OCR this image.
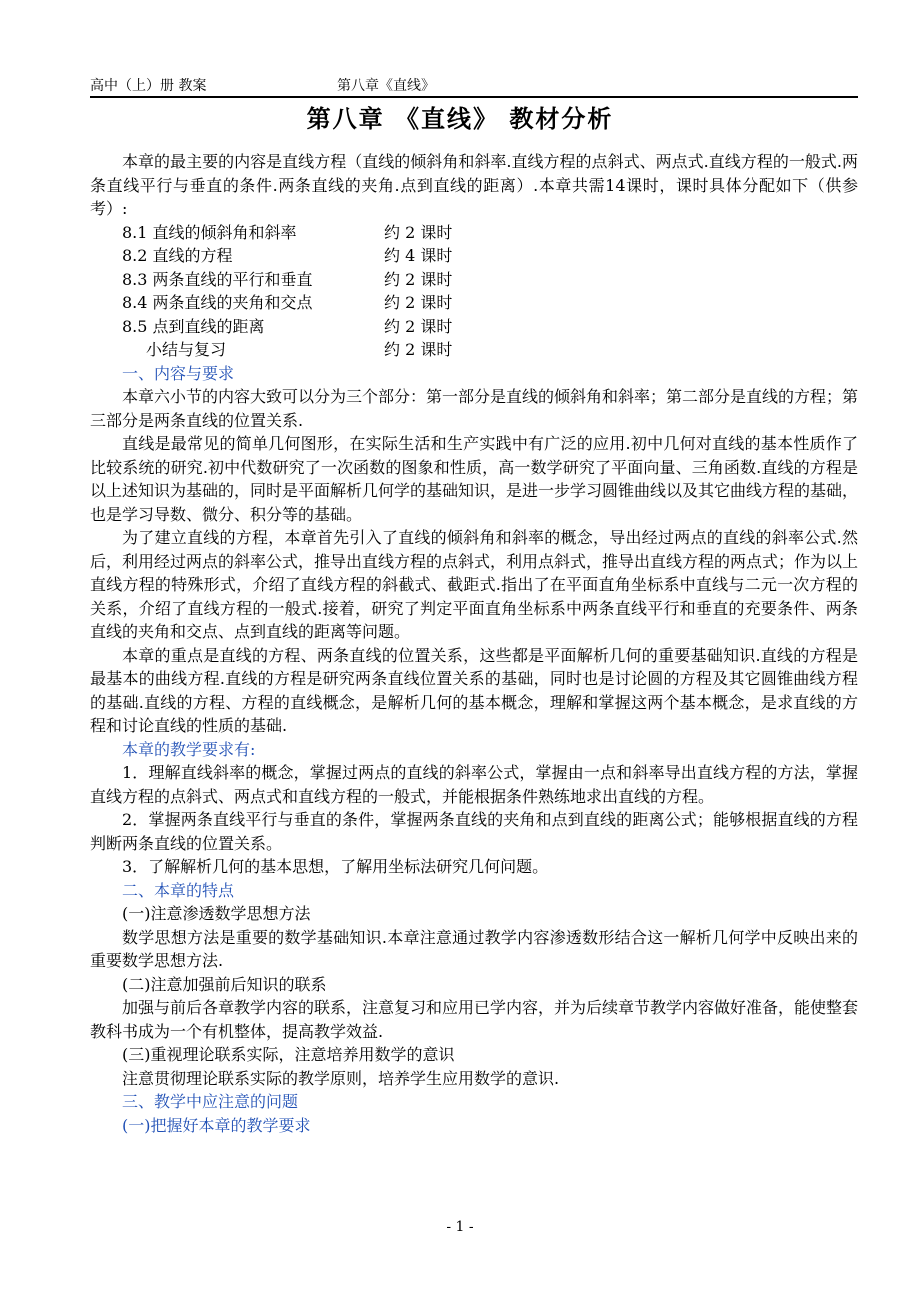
高中（上）册 教案	第八章《直线》
第八章 《直线》 教材分析

本章的最主要的内容是直线方程（直线的倾斜角和斜率.直线方程的点斜式、两点式.直线方程的一般式.两条直线平行与垂直的条件.两条直线的夹角.点到直线的距离）.本章共需14课时，课时具体分配如下（供参考）:

8.1 直线的倾斜角和斜率	约 2 课时
8.2 直线的方程	约 4 课时
8.3 两条直线的平行和垂直	约 2 课时
8.4 两条直线的夹角和交点	约 2 课时
8.5 点到直线的距离	约 2 课时
小结与复习	约 2 课时

一、内容与要求

本章六小节的内容大致可以分为三个部分：第一部分是直线的倾斜角和斜率；第二部分是直线的方程；第三部分是两条直线的位置关系.

直线是最常见的简单几何图形，在实际生活和生产实践中有广泛的应用.初中几何对直线的基本性质作了比较系统的研究.初中代数研究了一次函数的图象和性质，高一数学研究了平面向量、三角函数.直线的方程是以上述知识为基础的，同时是平面解析几何学的基础知识，是进一步学习圆锥曲线以及其它曲线方程的基础，也是学习导数、微分、积分等的基础。

为了建立直线的方程，本章首先引入了直线的倾斜角和斜率的概念，导出经过两点的直线的斜率公式.然后，利用经过两点的斜率公式，推导出直线方程的点斜式，利用点斜式，推导出直线方程的两点式；作为以上直线方程的特殊形式，介绍了直线方程的斜截式、截距式.指出了在平面直角坐标系中直线与二元一次方程的关系，介绍了直线方程的一般式.接着，研究了判定平面直角坐标系中两条直线平行和垂直的充要条件、两条直线的夹角和交点、点到直线的距离等问题。

本章的重点是直线的方程、两条直线的位置关系，这些都是平面解析几何的重要基础知识.直线的方程是最基本的曲线方程.直线的方程是研究两条直线位置关系的基础，同时也是讨论圆的方程及其它圆锥曲线方程的基础.直线的方程、方程的直线概念，是解析几何的基本概念，理解和掌握这两个基本概念，是求直线的方程和讨论直线的性质的基础.

本章的教学要求有:

1．理解直线斜率的概念，掌握过两点的直线的斜率公式，掌握由一点和斜率导出直线方程的方法，掌握直线方程的点斜式、两点式和直线方程的一般式，并能根据条件熟练地求出直线的方程。

2．掌握两条直线平行与垂直的条件，掌握两条直线的夹角和点到直线的距离公式；能够根据直线的方程判断两条直线的位置关系。

3．了解解析几何的基本思想，了解用坐标法研究几何问题。

二、本章的特点

(一)注意渗透数学思想方法

数学思想方法是重要的数学基础知识.本章注意通过教学内容渗透数形结合这一解析几何学中反映出来的重要数学思想方法.

(二)注意加强前后知识的联系

加强与前后各章教学内容的联系，注意复习和应用已学内容，并为后续章节教学内容做好准备，能使整套教科书成为一个有机整体，提高教学效益.

(三)重视理论联系实际，注意培养用数学的意识

注意贯彻理论联系实际的教学原则，培养学生应用数学的意识.

三、教学中应注意的问题

(一)把握好本章的教学要求

- 1 -
